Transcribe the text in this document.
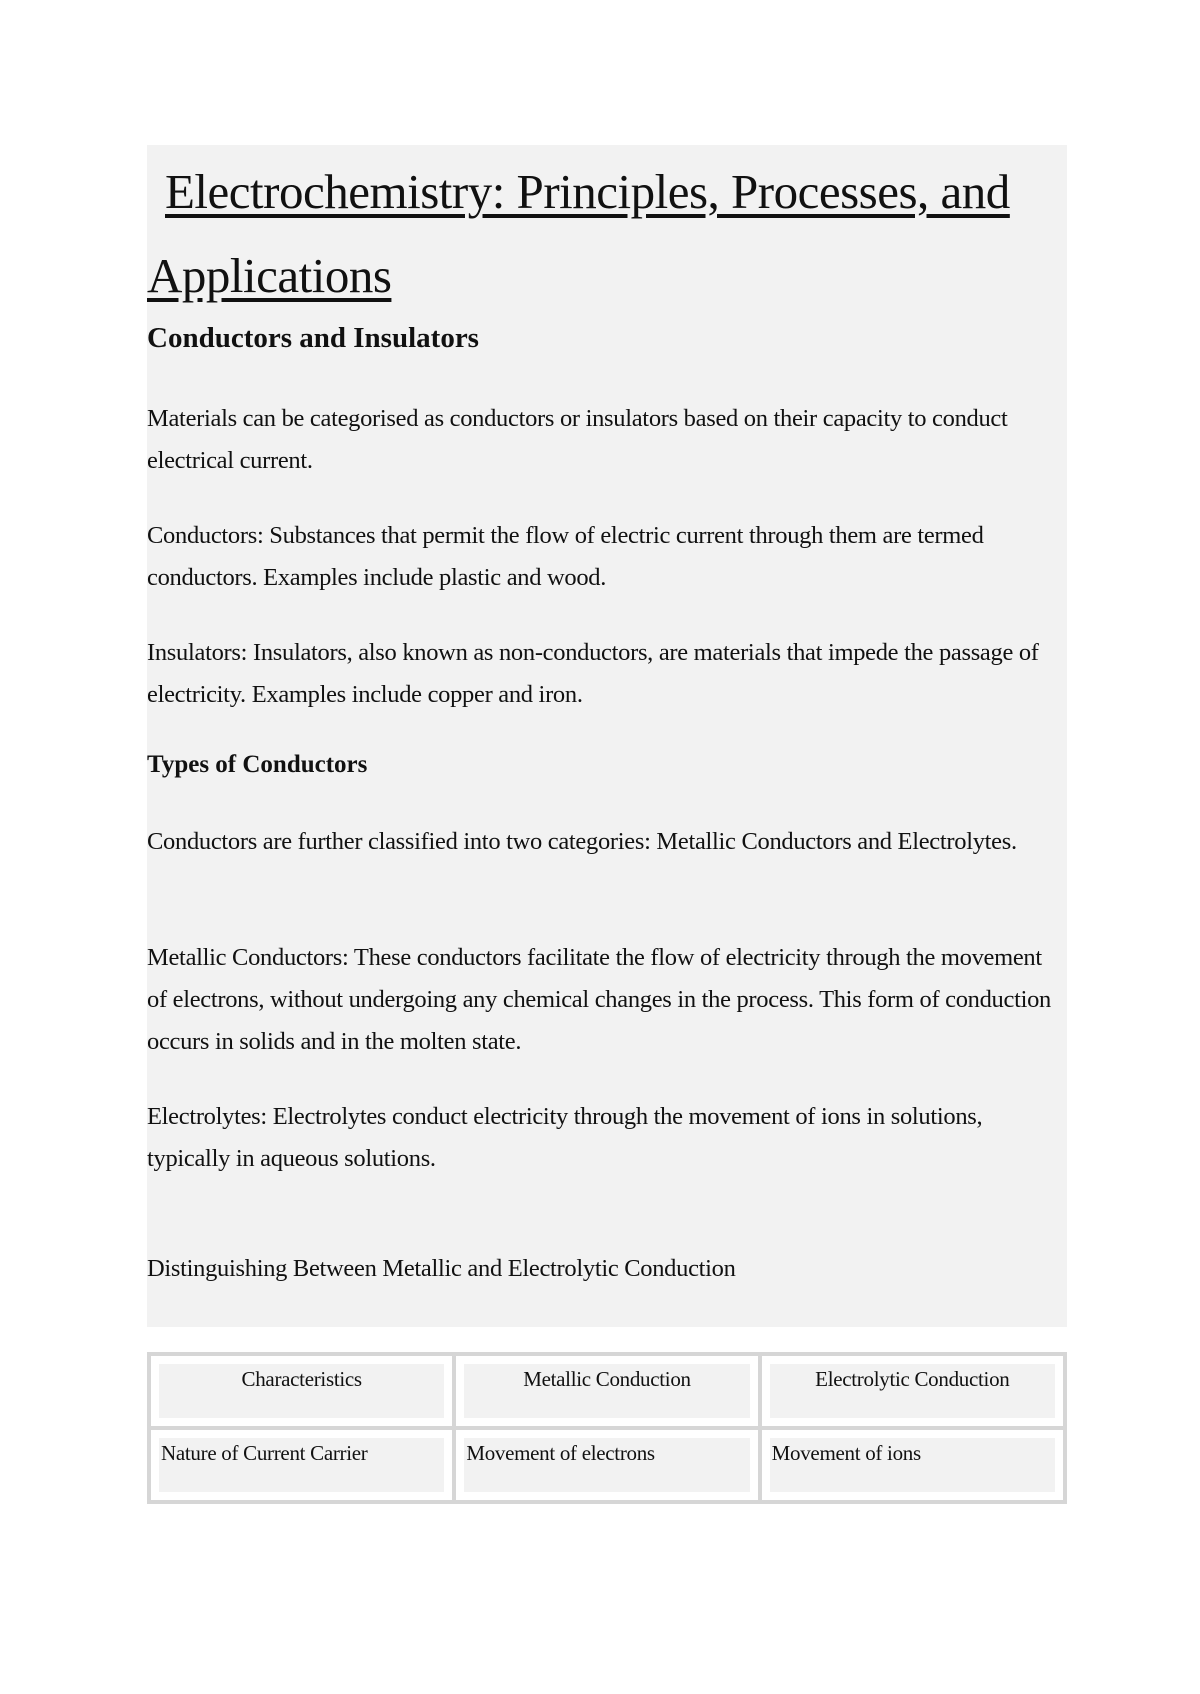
Electrochemistry: Principles, Processes, and Applications
Conductors and Insulators

Materials can be categorised as conductors or insulators based on their capacity to conduct electrical current.

Conductors: Substances that permit the flow of electric current through them are termed conductors. Examples include plastic and wood.

Insulators: Insulators, also known as non-conductors, are materials that impede the passage of electricity. Examples include copper and iron.

Types of Conductors

Conductors are further classified into two categories: Metallic Conductors and Electrolytes.

Metallic Conductors: These conductors facilitate the flow of electricity through the movement of electrons, without undergoing any chemical changes in the process. This form of conduction occurs in solids and in the molten state.

Electrolytes: Electrolytes conduct electricity through the movement of ions in solutions, typically in aqueous solutions.

Distinguishing Between Metallic and Electrolytic Conduction

Characteristics	Metallic Conduction	Electrolytic Conduction

Nature of Current Carrier	Movement of electrons	Movement of ions
